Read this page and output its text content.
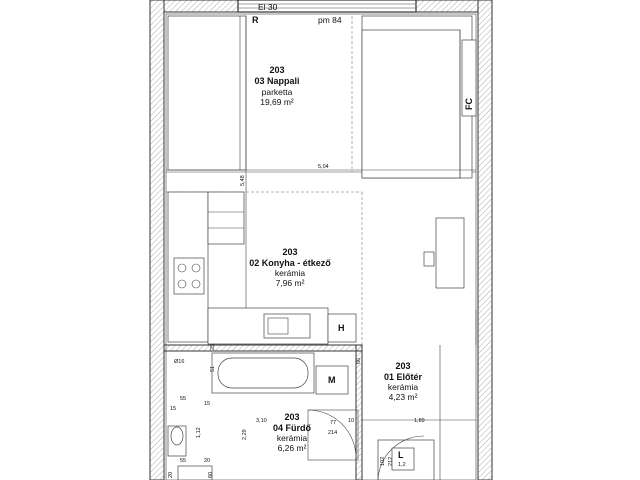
El 30
R	pm 84
FC
5,04
5,48
203
03 Nappali
parketta
19,69 m²
H
203
02 Konyha - étkező
kerámia
7,96 m²
M
203
04 Fürdő
kerámia
6,26 m²
L
1,2
203
01 Előtér
kerámia
4,23 m²
Ø16
51
25
55
15
15
1,12
3,10
2,29
77
214
10	1,89
66
102 212
55	20
20	60
